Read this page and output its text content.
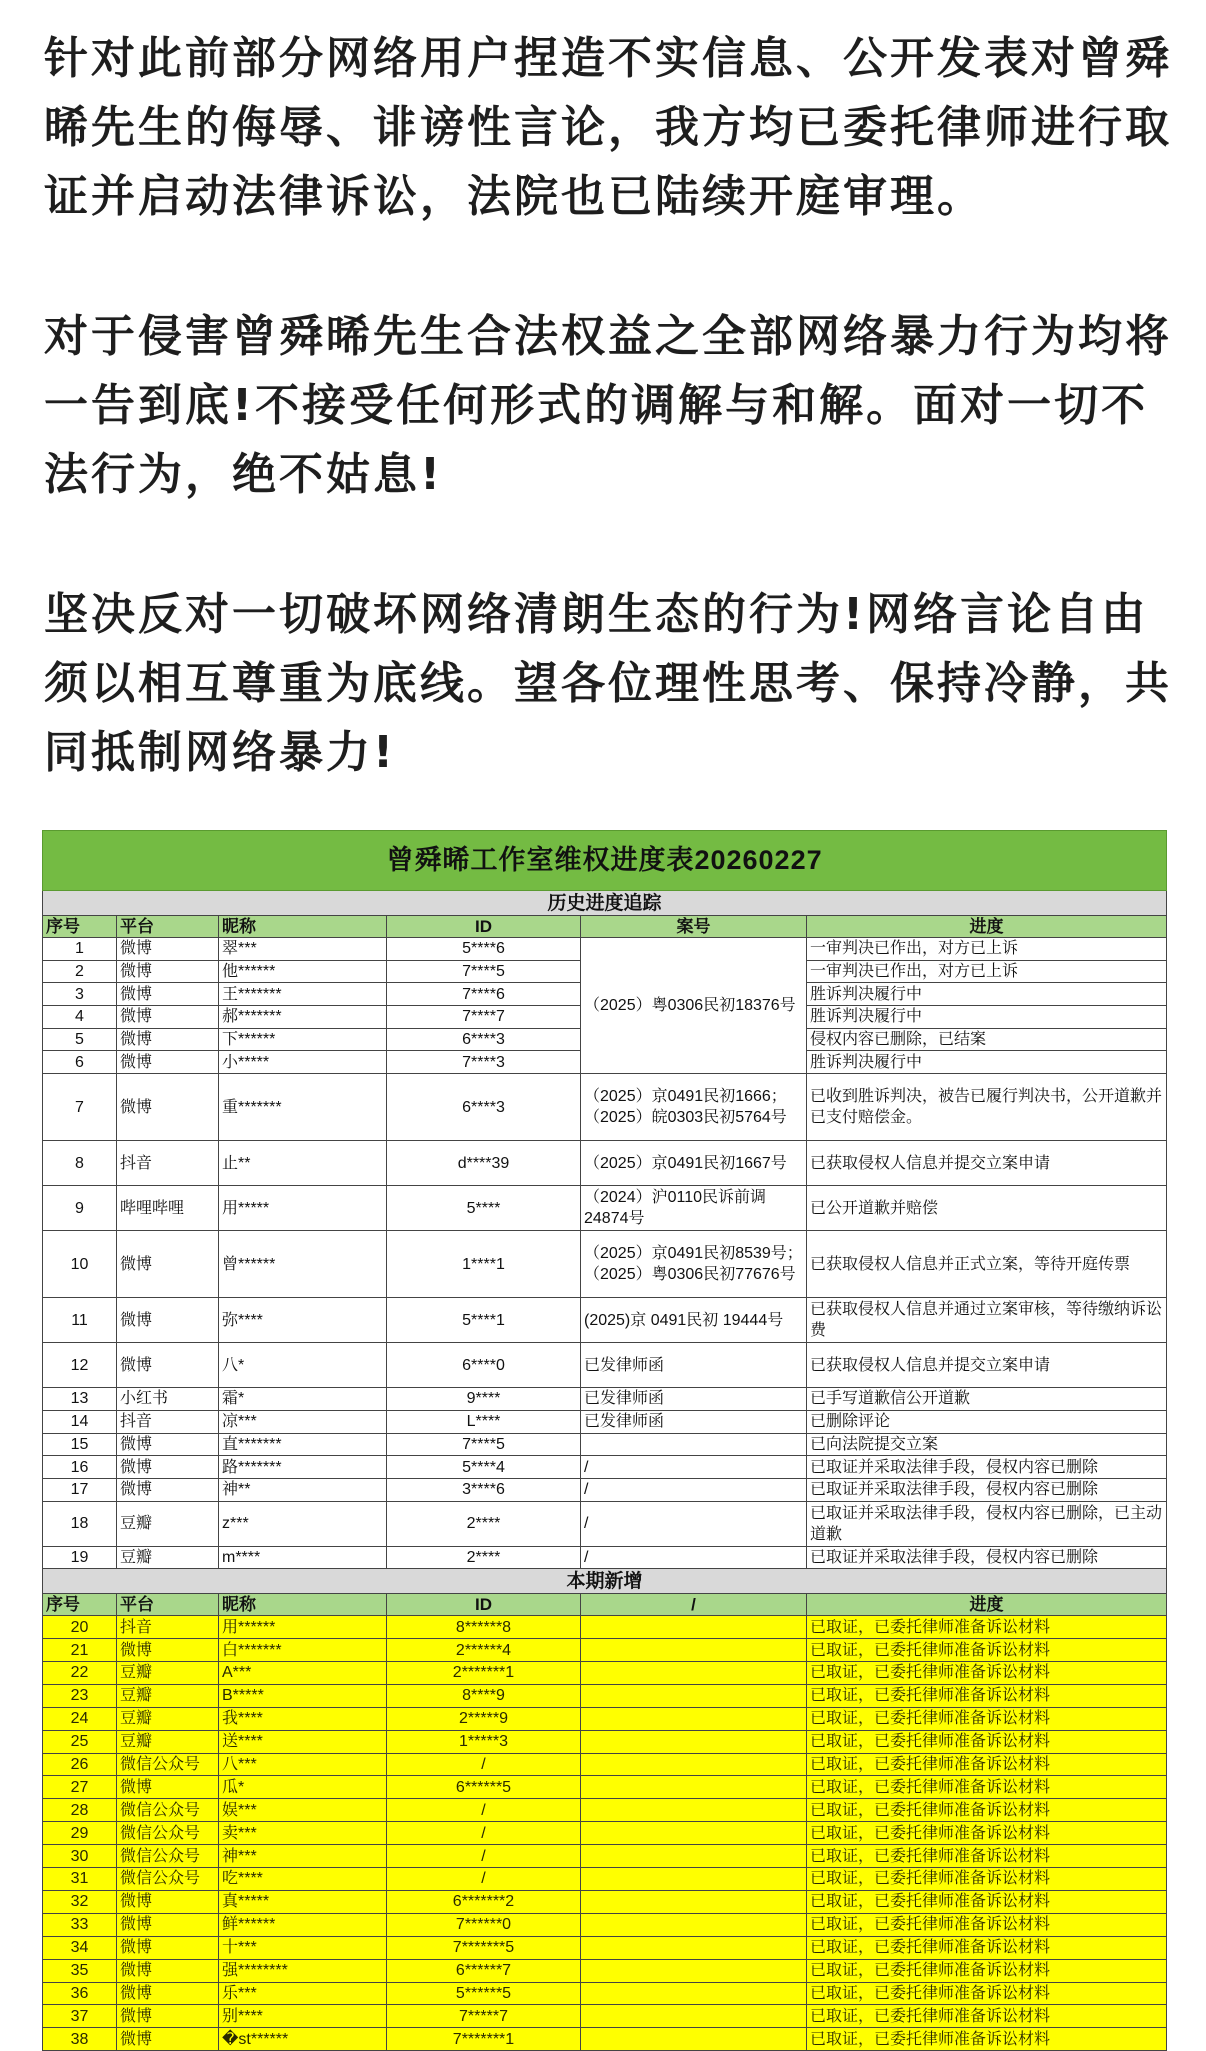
针对此前部分网络用户捏造不实信息、公开发表对曾舜晞先生的侮辱、诽谤性言论，我方均已委托律师进行取证并启动法律诉讼，法院也已陆续开庭审理。

对于侵害曾舜晞先生合法权益之全部网络暴力行为均将一告到底!不接受任何形式的调解与和解。面对一切不法行为，绝不姑息!

坚决反对一切破坏网络清朗生态的行为!网络言论自由须以相互尊重为底线。望各位理性思考、保持冷静，共同抵制网络暴力!

曾舜晞工作室维权进度表20260227					
历史进度追踪					
序号	平台	昵称	ID	案号	进度
1	微博	翠***	5****6	（2025）粤0306民初18376号	一审判决已作出，对方已上诉
2	微博	他******	7****5		一审判决已作出，对方已上诉
3	微博	王*******	7****6		胜诉判决履行中
4	微博	郝*******	7****7		胜诉判决履行中
5	微博	下******	6****3		侵权内容已删除，已结案
6	微博	小*****	7****3		胜诉判决履行中
7	微博	重*******	6****3	（2025）京0491民初1666；（2025）皖0303民初5764号	已收到胜诉判决，被告已履行判决书，公开道歉并已支付赔偿金。
8	抖音	止**	d****39	（2025）京0491民初1667号	已获取侵权人信息并提交立案申请
9	哔哩哔哩	用*****	5****	（2024）沪0110民诉前调24874号	已公开道歉并赔偿
10	微博	曾******	1****1	（2025）京0491民初8539号；（2025）粤0306民初77676号	已获取侵权人信息并正式立案，等待开庭传票
11	微博	弥****	5****1	(2025)京 0491民初 19444号	已获取侵权人信息并通过立案审核，等待缴纳诉讼费
12	微博	八*	6****0	已发律师函	已获取侵权人信息并提交立案申请
13	小红书	霜*	9****	已发律师函	已手写道歉信公开道歉
14	抖音	凉***	L****	已发律师函	已删除评论
15	微博	直*******	7****5		已向法院提交立案
16	微博	路*******	5****4	/	已取证并采取法律手段，侵权内容已删除
17	微博	神**	3****6	/	已取证并采取法律手段，侵权内容已删除
18	豆瓣	z***	2****	/	已取证并采取法律手段，侵权内容已删除，已主动道歉
19	豆瓣	m****	2****	/	已取证并采取法律手段，侵权内容已删除
本期新增					
序号	平台	昵称	ID	/	进度
20	抖音	用******	8******8		已取证，已委托律师准备诉讼材料
21	微博	白*******	2******4		已取证，已委托律师准备诉讼材料
22	豆瓣	A***	2*******1		已取证，已委托律师准备诉讼材料
23	豆瓣	B*****	8****9		已取证，已委托律师准备诉讼材料
24	豆瓣	我****	2*****9		已取证，已委托律师准备诉讼材料
25	豆瓣	送****	1*****3		已取证，已委托律师准备诉讼材料
26	微信公众号	八***	/		已取证，已委托律师准备诉讼材料
27	微博	瓜*	6******5		已取证，已委托律师准备诉讼材料
28	微信公众号	娱***	/		已取证，已委托律师准备诉讼材料
29	微信公众号	卖***	/		已取证，已委托律师准备诉讼材料
30	微信公众号	神***	/		已取证，已委托律师准备诉讼材料
31	微信公众号	吃****	/		已取证，已委托律师准备诉讼材料
32	微博	真*****	6*******2		已取证，已委托律师准备诉讼材料
33	微博	鲜******	7******0		已取证，已委托律师准备诉讼材料
34	微博	十***	7*******5		已取证，已委托律师准备诉讼材料
35	微博	强********	6******7		已取证，已委托律师准备诉讼材料
36	微博	乐***	5******5		已取证，已委托律师准备诉讼材料
37	微博	别****	7*****7		已取证，已委托律师准备诉讼材料
38	微博	�st******	7*******1		已取证，已委托律师准备诉讼材料
